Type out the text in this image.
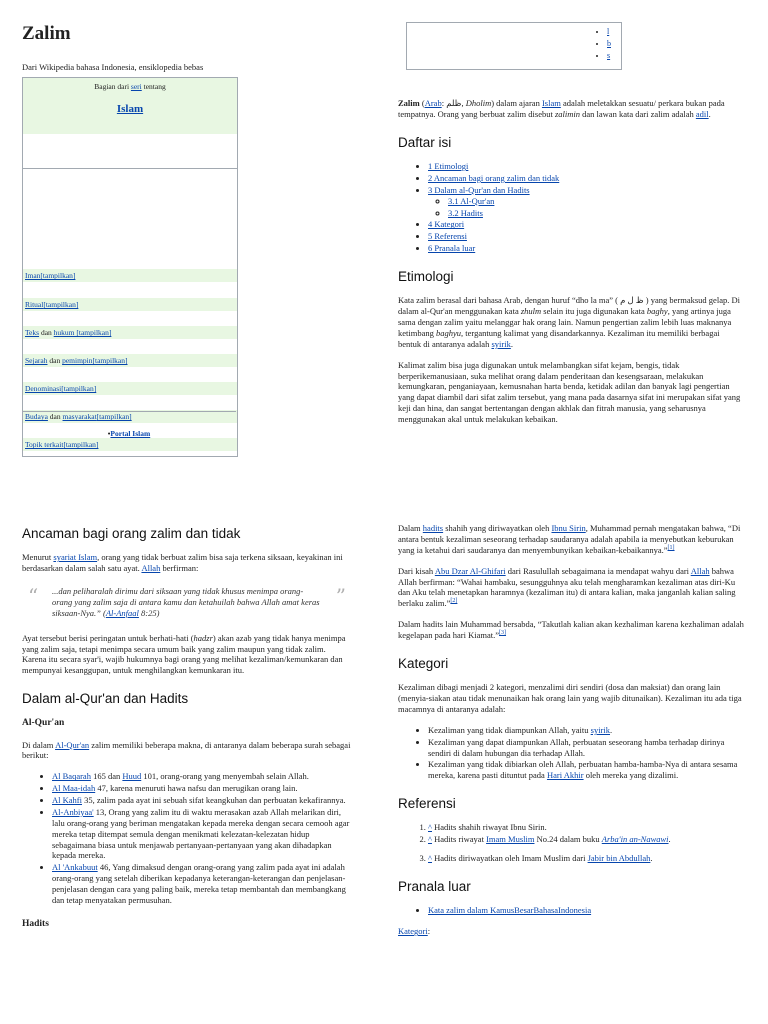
Zalim
Dari Wikipedia bahasa Indonesia, ensiklopedia bebas
Bagian dari seri tentang
Islam
Iman[tampilkan]
Ritual[tampilkan]
Teks dan hukum [tampilkan]
Sejarah dan pemimpin[tampilkan]
Denominasi[tampilkan]
Budaya dan masyarakat[tampilkan]
Topik terkait[tampilkan]
•Portal Islam
• l
• b
• s

Zalim (Arab: ظلم, Dholim) dalam ajaran Islam adalah meletakkan sesuatu/ perkara bukan pada tempatnya. Orang yang berbuat zalim disebut zalimin dan lawan kata dari zalim adalah adil.

Daftar isi
• 1 Etimologi
• 2 Ancaman bagi orang zalim dan tidak
• 3 Dalam al-Qur'an dan Hadits
◦ 3.1 Al-Qur'an
◦ 3.2 Hadits
• 4 Kategori
• 5 Referensi
• 6 Pranala luar
Etimologi

Kata zalim berasal dari bahasa Arab, dengan huruf “dho la ma” ( ظ ل م ) yang bermaksud gelap. Di dalam al-Qur'an menggunakan kata zhulm selain itu juga digunakan kata baghy, yang artinya juga sama dengan zalim yaitu melanggar hak orang lain. Namun pengertian zalim lebih luas maknanya ketimbang baghyu, tergantung kalimat yang disandarkannya. Kezaliman itu memiliki berbagai bentuk di antaranya adalah syirik.

Kalimat zalim bisa juga digunakan untuk melambangkan sifat kejam, bengis, tidak berperikemanusiaan, suka melihat orang dalam penderitaan dan kesengsaraan, melakukan kemungkaran, penganiayaan, kemusnahan harta benda, ketidak adilan dan banyak lagi pengertian yang dapat diambil dari sifat zalim tersebut, yang mana pada dasarnya sifat ini merupakan sifat yang keji dan hina, dan sangat bertentangan dengan akhlak dan fitrah manusia, yang seharusnya menggunakan akal untuk melakukan kebaikan.

Ancaman bagi orang zalim dan tidak

Menurut syariat Islam, orang yang tidak berbuat zalim bisa saja terkena siksaan, keyakinan ini berdasarkan dalam salah satu ayat. Allah berfirman:

“ ...dan peliharalah dirimu dari siksaan yang tidak khusus menimpa orang-orang yang zalim saja di antara kamu dan ketahuilah bahwa Allah amat keras siksaan-Nya.” (Al-Anfaal 8:25)
”

Ayat tersebut berisi peringatan untuk berhati-hati (hadzr) akan azab yang tidak hanya menimpa yang zalim saja, tetapi menimpa secara umum baik yang zalim maupun yang tidak zalim. Karena itu secara syar'i, wajib hukumnya bagi orang yang melihat kezaliman/kemunkaran dan mempunyai kesanggupan, untuk menghilangkan kemunkaran itu.

Dalam al-Qur'an dan Hadits
Al-Qur'an

Di dalam Al-Qur'an zalim memiliki beberapa makna, di antaranya dalam beberapa surah sebagai berikut:

• Al Baqarah 165 dan Huud 101, orang-orang yang menyembah selain Allah.
• Al Maa-idah 47, karena menuruti hawa nafsu dan merugikan orang lain.
• Al Kahfi 35, zalim pada ayat ini sebuah sifat keangkuhan dan perbuatan kekafirannya.
• Al-Anbiyaa' 13, Orang yang zalim itu di waktu merasakan azab Allah melarikan diri, lalu orang-orang yang beriman mengatakan kepada mereka dengan secara cemooh agar mereka tetap ditempat semula dengan menikmati kelezatan-kelezatan hidup sebagaimana biasa untuk menjawab pertanyaan-pertanyaan yang akan dihadapkan kepada mereka.
• Al 'Ankabuut 46, Yang dimaksud dengan orang-orang yang zalim pada ayat ini adalah orang-orang yang setelah diberikan kepadanya keterangan-keterangan dan penjelasan-penjelasan dengan cara yang paling baik, mereka tetap membantah dan membangkang dan tetap menyatakan permusuhan.
Hadits

Dalam hadits shahih yang diriwayatkan oleh Ibnu Sirin, Muhammad pernah mengatakan bahwa, “Di antara bentuk kezaliman seseorang terhadap saudaranya adalah apabila ia menyebutkan keburukan yang ia ketahui dari saudaranya dan menyembunyikan kebaikan-kebaikannya.”[1]

Dari kisah Abu Dzar Al-Ghifari dari Rasulullah sebagaimana ia mendapat wahyu dari Allah bahwa Allah berfirman: “Wahai hambaku, sesungguhnya aku telah mengharamkan kezaliman atas diri-Ku dan Aku telah menetapkan haramnya (kezaliman itu) di antara kalian, maka janganlah kalian saling berlaku zalim.”[2]

Dalam hadits lain Muhammad bersabda, “Takutlah kalian akan kezhaliman karena kezhaliman adalah kegelapan pada hari Kiamat.”[3]

Kategori

Kezaliman dibagi menjadi 2 kategori, menzalimi diri sendiri (dosa dan maksiat) dan orang lain (menyia-siakan atau tidak menunaikan hak orang lain yang wajib ditunaikan). Kezaliman itu ada tiga macamnya di antaranya adalah:

• Kezaliman yang tidak diampunkan Allah, yaitu syirik.
• Kezaliman yang dapat diampunkan Allah, perbuatan seseorang hamba terhadap dirinya sendiri di dalam hubungan dia terhadap Allah.
• Kezaliman yang tidak dibiarkan oleh Allah, perbuatan hamba-hamba-Nya di antara sesama mereka, karena pasti dituntut pada Hari Akhir oleh mereka yang dizalimi.
Referensi
1. ^ Hadits shahih riwayat Ibnu Sirin.
2. ^ Hadits riwayat Imam Muslim No.24 dalam buku Arba'in an-Nawawi.
3. ^ Hadits diriwayatkan oleh Imam Muslim dari Jabir bin Abdullah.
Pranala luar
• Kata zalim dalam KamusBesarBahasaIndonesia
Kategori:
